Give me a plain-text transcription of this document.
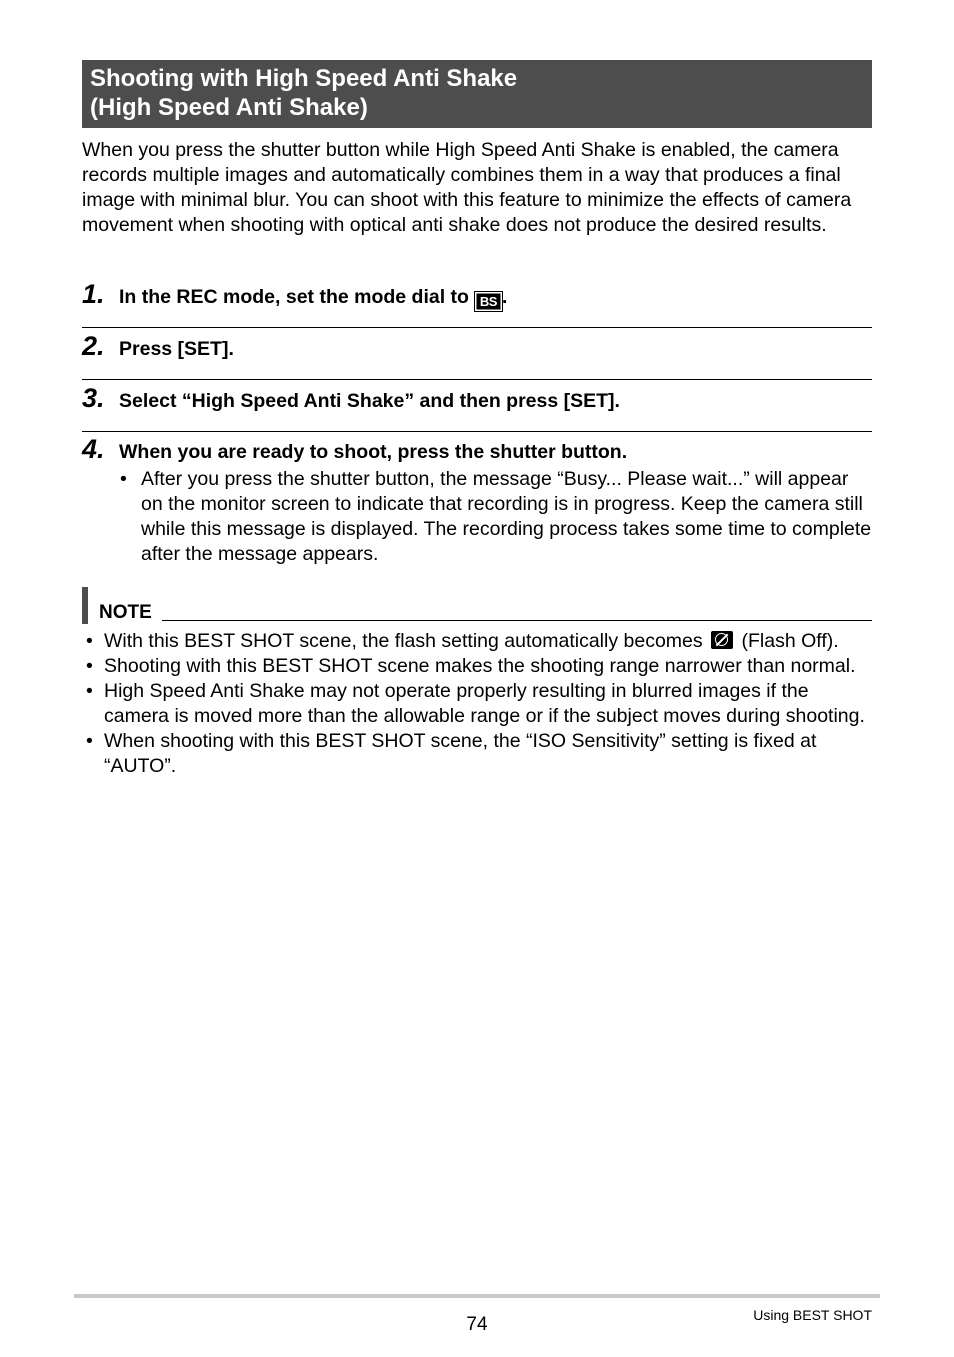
Shooting with High Speed Anti Shake
(High Speed Anti Shake)

When you press the shutter button while High Speed Anti Shake is enabled, the camera records multiple images and automatically combines them in a way that produces a final image with minimal blur. You can shoot with this feature to minimize the effects of camera movement when shooting with optical anti shake does not produce the desired results.

1. In the REC mode, set the mode dial to BS .
2. Press [SET].
3. Select “High Speed Anti Shake” and then press [SET].
4. When you are ready to shoot, press the shutter button.
• After you press the shutter button, the message “Busy... Please wait...” will appear on the monitor screen to indicate that recording is in progress. Keep the camera still while this message is displayed. The recording process takes some time to complete after the message appears.
NOTE
• With this BEST SHOT scene, the flash setting automatically becomes (Flash Off).
• Shooting with this BEST SHOT scene makes the shooting range narrower than normal.
• High Speed Anti Shake may not operate properly resulting in blurred images if the camera is moved more than the allowable range or if the subject moves during shooting.
• When shooting with this BEST SHOT scene, the “ISO Sensitivity” setting is fixed at “AUTO”.
74	Using BEST SHOT
